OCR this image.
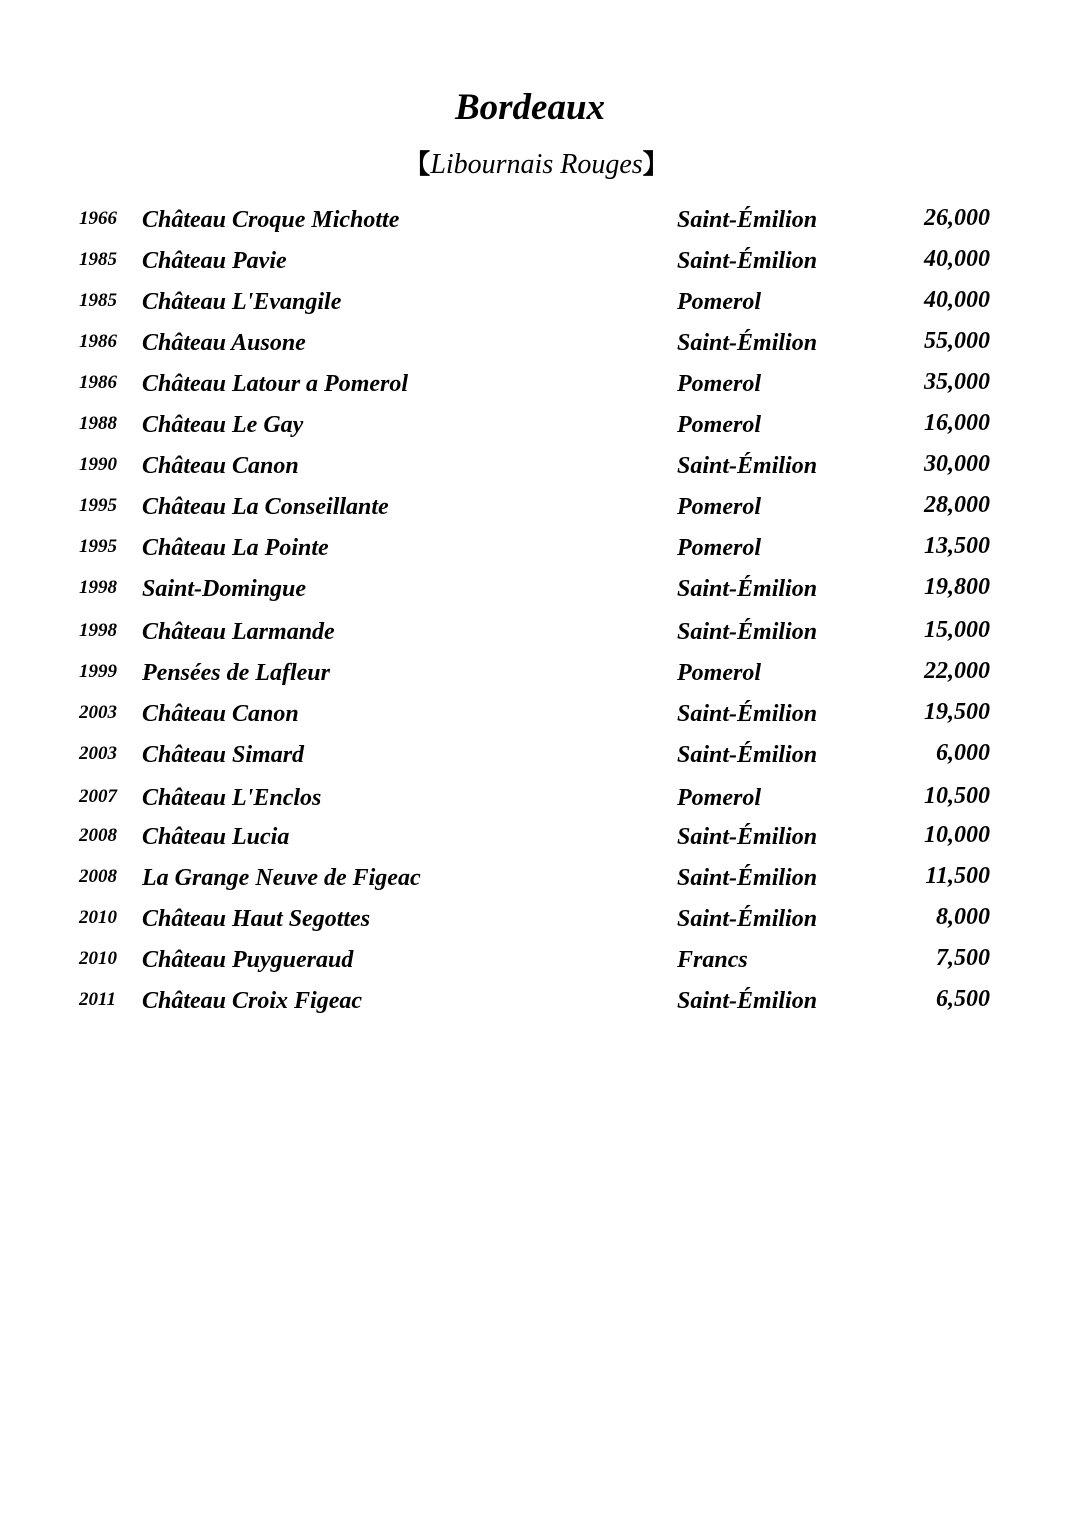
Bordeaux
【Libournais Rouges】
1966 Château Croque Michotte	Saint-Émilion	26,000
1985 Château Pavie	Saint-Émilion	40,000
1985 Château L'Evangile	Pomerol	40,000
1986 Château Ausone	Saint-Émilion	55,000
1986 Château Latour a Pomerol	Pomerol	35,000
1988 Château Le Gay	Pomerol	16,000
1990 Château Canon	Saint-Émilion	30,000
1995 Château La Conseillante	Pomerol	28,000
1995 Château La Pointe	Pomerol	13,500
1998 Saint-Domingue	Saint-Émilion	19,800
1998 Château Larmande	Saint-Émilion	15,000
1999 Pensées de Lafleur	Pomerol	22,000
2003 Château Canon	Saint-Émilion	19,500
2003 Château Simard	Saint-Émilion	6,000
2007 Château L'Enclos	Pomerol	10,500
2008 Château Lucia	Saint-Émilion	10,000
2008 La Grange Neuve de Figeac	Saint-Émilion	11,500
2010 Château Haut Segottes	Saint-Émilion	8,000
2010 Château Puygueraud	Francs	7,500
2011 Château Croix Figeac	Saint-Émilion	6,500
